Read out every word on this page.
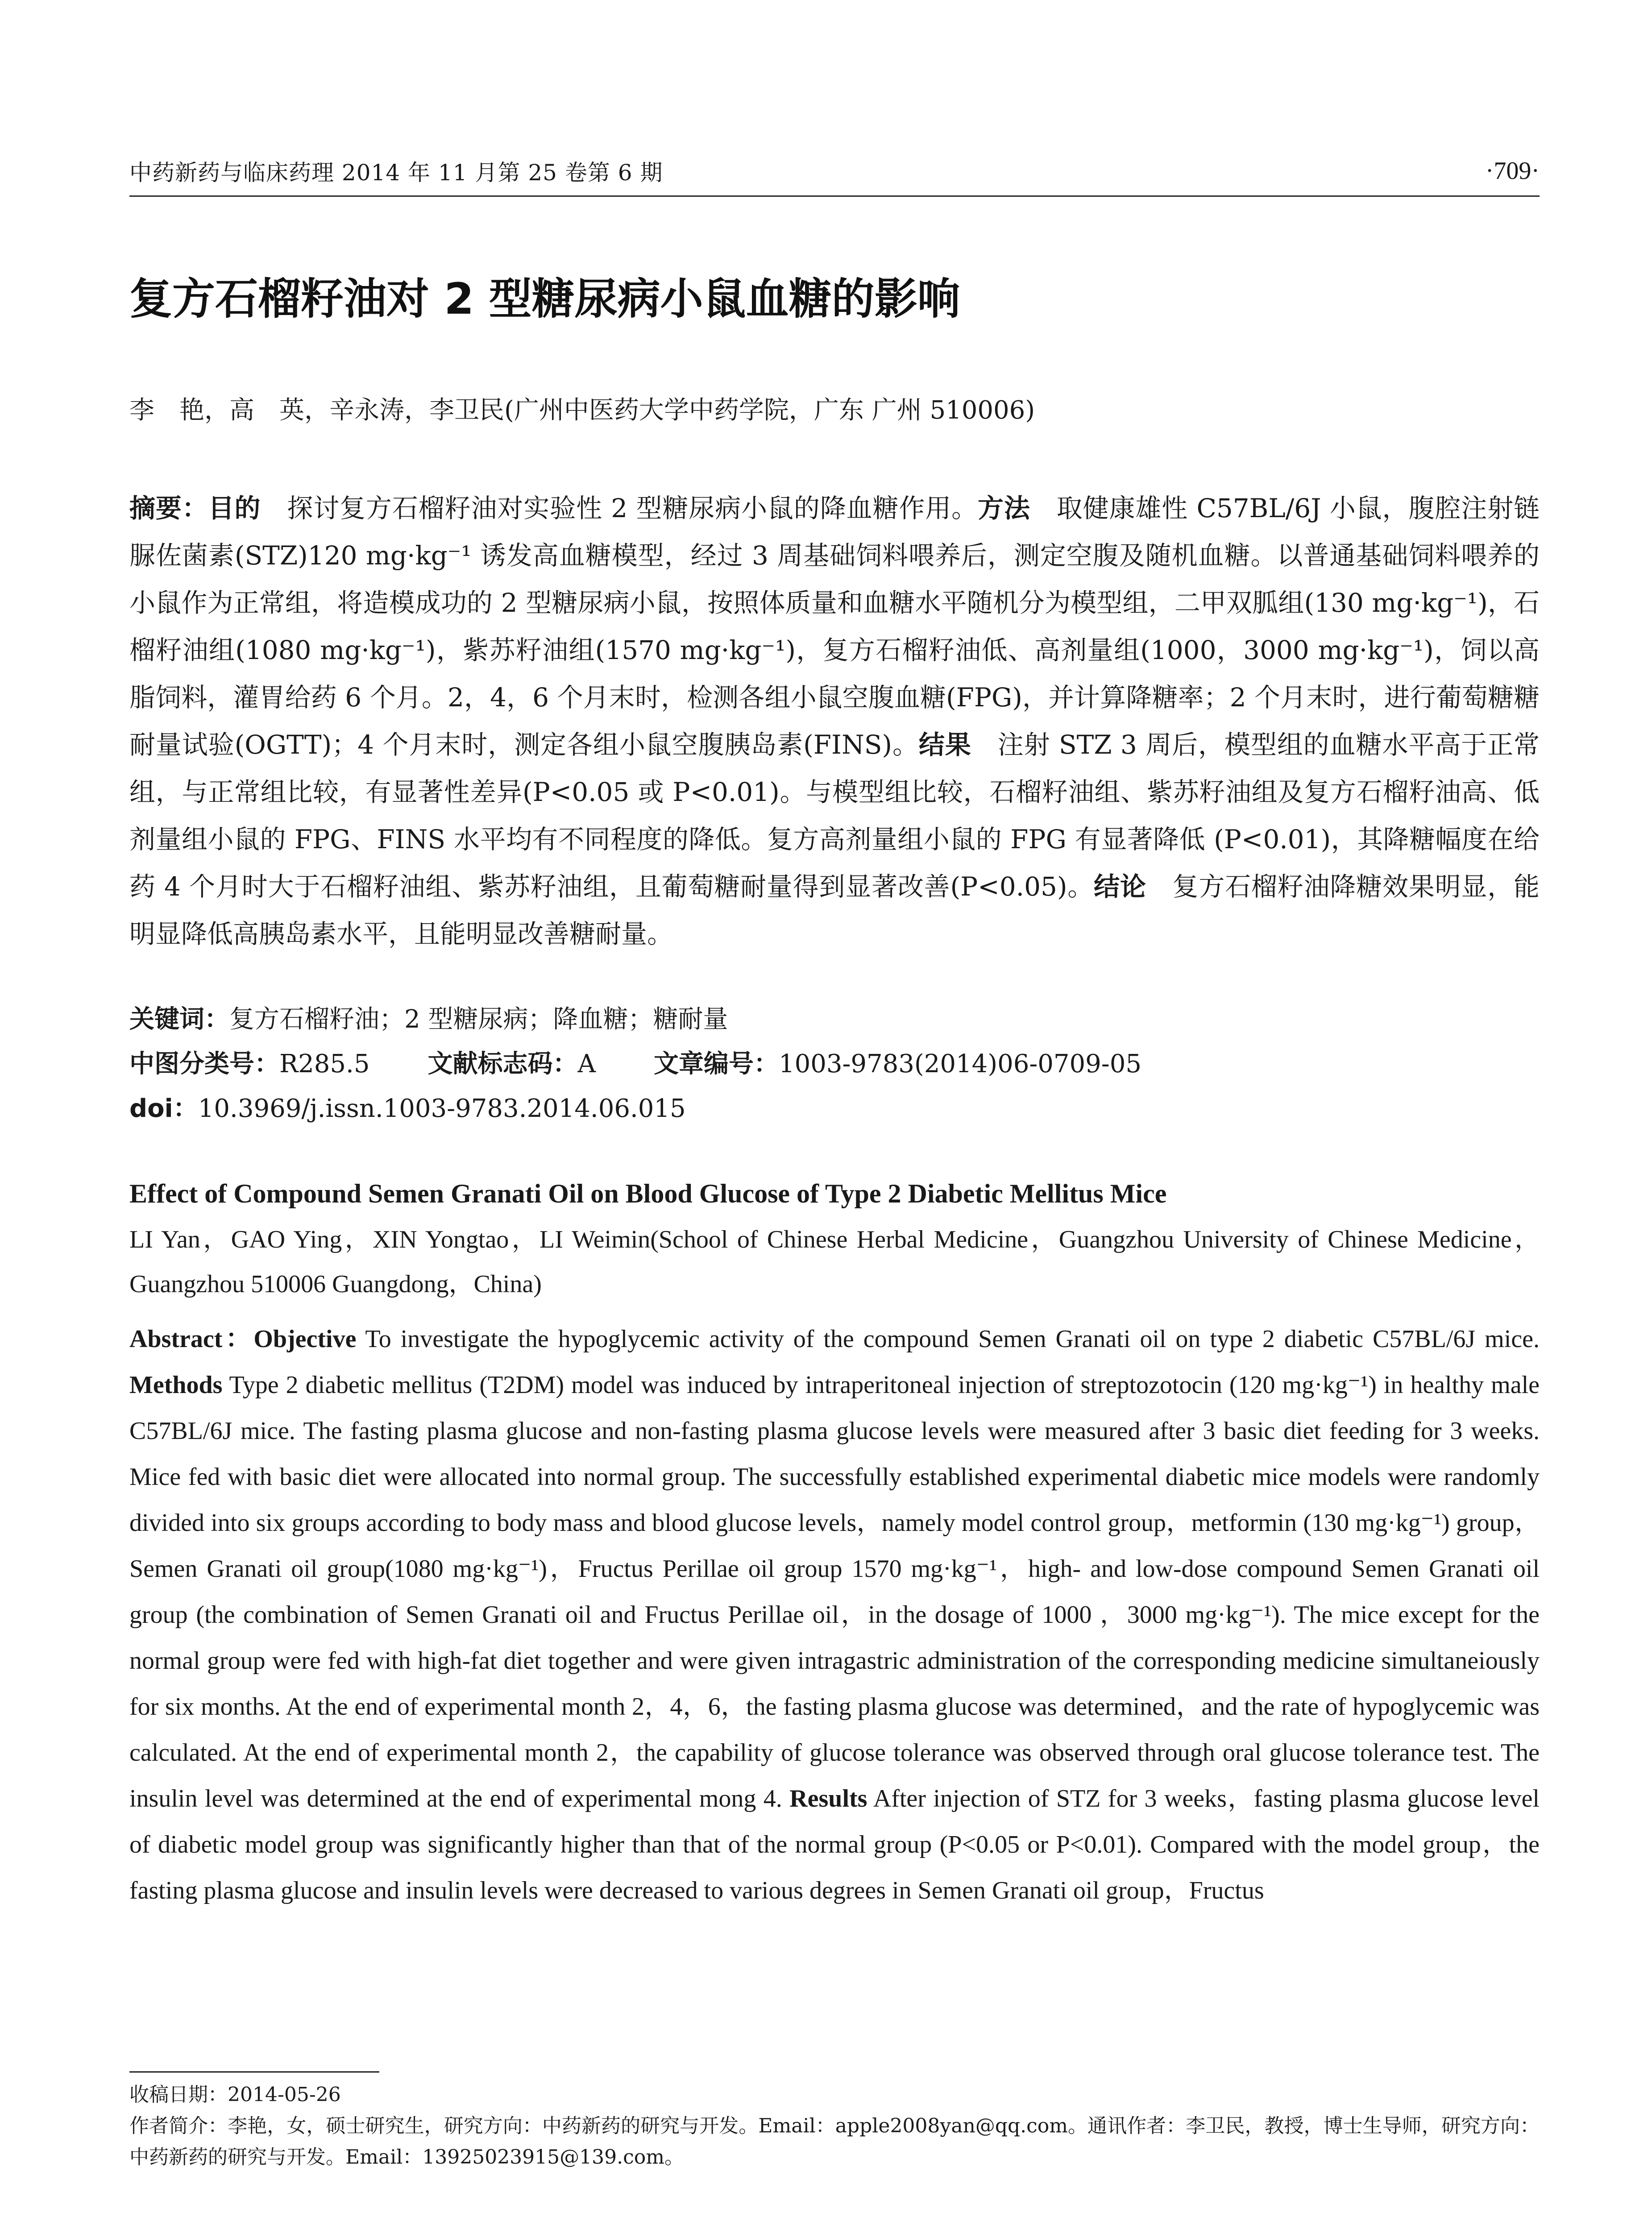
中药新药与临床药理 2014 年 11 月第 25 卷第 6 期	·709·
复方石榴籽油对 2 型糖尿病小鼠血糖的影响
李　艳，高　英，辛永涛，李卫民(广州中医药大学中药学院，广东 广州 510006)
摘要：目的　探讨复方石榴籽油对实验性 2 型糖尿病小鼠的降血糖作用。方法　取健康雄性 C57BL/6J 小鼠，腹腔注射链脲佐菌素(STZ)120 mg·kg⁻¹ 诱发高血糖模型，经过 3 周基础饲料喂养后，测定空腹及随机血糖。以普通基础饲料喂养的小鼠作为正常组，将造模成功的 2 型糖尿病小鼠，按照体质量和血糖水平随机分为模型组，二甲双胍组(130 mg·kg⁻¹)，石榴籽油组(1080 mg·kg⁻¹)，紫苏籽油组(1570 mg·kg⁻¹)，复方石榴籽油低、高剂量组(1000，3000 mg·kg⁻¹)，饲以高脂饲料，灌胃给药 6 个月。2，4，6 个月末时，检测各组小鼠空腹血糖(FPG)，并计算降糖率；2 个月末时，进行葡萄糖糖耐量试验(OGTT)；4 个月末时，测定各组小鼠空腹胰岛素(FINS)。结果　注射 STZ 3 周后，模型组的血糖水平高于正常组，与正常组比较，有显著性差异(P<0.05 或 P<0.01)。与模型组比较，石榴籽油组、紫苏籽油组及复方石榴籽油高、低剂量组小鼠的 FPG、FINS 水平均有不同程度的降低。复方高剂量组小鼠的 FPG 有显著降低 (P<0.01)，其降糖幅度在给药 4 个月时大于石榴籽油组、紫苏籽油组，且葡萄糖耐量得到显著改善(P<0.05)。结论　复方石榴籽油降糖效果明显，能明显降低高胰岛素水平，且能明显改善糖耐量。
关键词：复方石榴籽油；2 型糖尿病；降血糖；糖耐量
中图分类号：R285.5 文献标志码：A 文章编号：1003-9783(2014)06-0709-05
doi：10.3969/j.issn.1003-9783.2014.06.015
Effect of Compound Semen Granati Oil on Blood Glucose of Type 2 Diabetic Mellitus Mice
LI Yan，GAO Ying，XIN Yongtao，LI Weimin(School of Chinese Herbal Medicine，Guangzhou University of Chinese Medicine，Guangzhou 510006 Guangdong，China)
Abstract：Objective To investigate the hypoglycemic activity of the compound Semen Granati oil on type 2 diabetic C57BL/6J mice. Methods Type 2 diabetic mellitus (T2DM) model was induced by intraperitoneal injection of streptozotocin (120 mg·kg⁻¹) in healthy male C57BL/6J mice. The fasting plasma glucose and non-fasting plasma glucose levels were measured after 3 basic diet feeding for 3 weeks. Mice fed with basic diet were allocated into normal group. The successfully established experimental diabetic mice models were randomly divided into six groups according to body mass and blood glucose levels，namely model control group，metformin (130 mg·kg⁻¹) group，Semen Granati oil group(1080 mg·kg⁻¹)，Fructus Perillae oil group 1570 mg·kg⁻¹，high- and low-dose compound Semen Granati oil group (the combination of Semen Granati oil and Fructus Perillae oil，in the dosage of 1000 ，3000 mg·kg⁻¹). The mice except for the normal group were fed with high-fat diet together and were given intragastric administration of the corresponding medicine simultaneiously for six months. At the end of experimental month 2，4，6，the fasting plasma glucose was determined，and the rate of hypoglycemic was calculated. At the end of experimental month 2，the capability of glucose tolerance was observed through oral glucose tolerance test. The insulin level was determined at the end of experimental mong 4. Results After injection of STZ for 3 weeks，fasting plasma glucose level of diabetic model group was significantly higher than that of the normal group (P<0.05 or P<0.01). Compared with the model group，the fasting plasma glucose and insulin levels were decreased to various degrees in Semen Granati oil group，Fructus
收稿日期：2014-05-26
作者简介：李艳，女，硕士研究生，研究方向：中药新药的研究与开发。Email：apple2008yan@qq.com。通讯作者：李卫民，教授，博士生导师，研究方向：中药新药的研究与开发。Email：13925023915@139.com。
